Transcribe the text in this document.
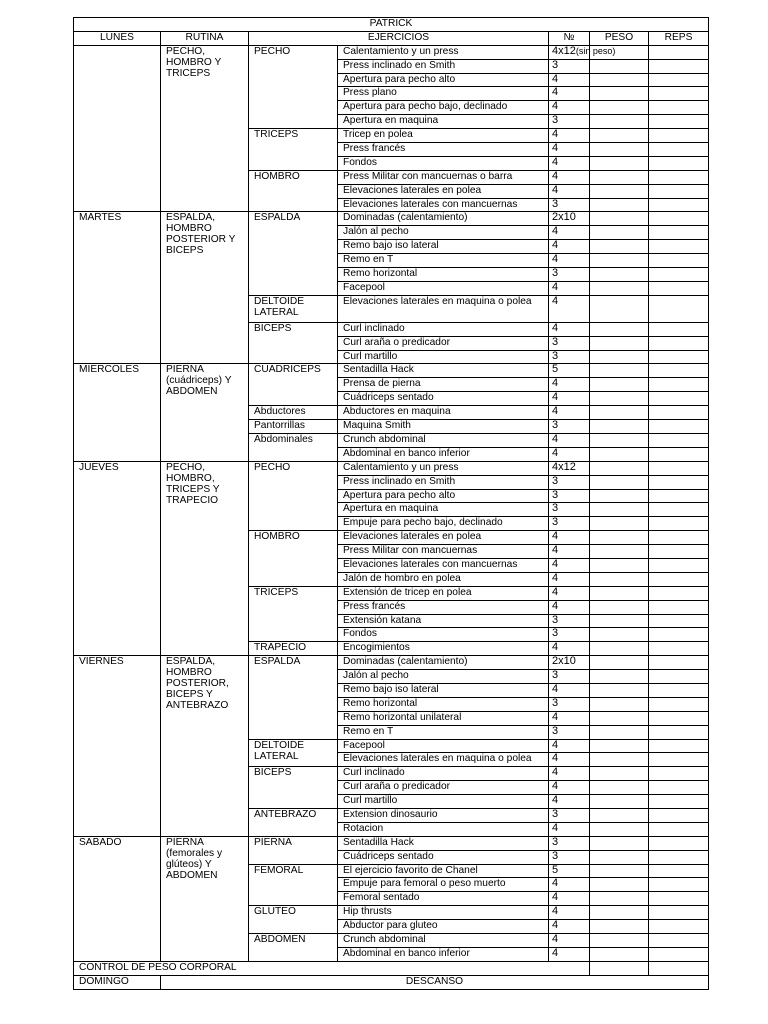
PATRICK						
LUNES	RUTINA	EJERCICIOS		№	PESO	REPS
	PECHO, HOMBRO Y TRICEPS	PECHO	Calentamiento y un press	4x12(sin peso)		
			Press inclinado en Smith	3		
			Apertura para pecho alto	4		
			Press plano	4		
			Apertura para pecho bajo, declinado	4		
			Apertura en maquina	3		
		TRICEPS	Tricep en polea	4		
			Press francés	4		
			Fondos	4		
		HOMBRO	Press Militar con mancuernas o barra	4		
			Elevaciones laterales en polea	4		
			Elevaciones laterales con mancuernas	3		
MARTES	ESPALDA, HOMBRO POSTERIOR Y BICEPS	ESPALDA	Dominadas (calentamiento)	2x10		
			Jalón al pecho	4		
			Remo bajo iso lateral	4		
			Remo en T	4		
			Remo horizontal	3		
			Facepool	4		
		DELTOIDE LATERAL	Elevaciones laterales en maquina o polea	4		
		BICEPS	Curl inclinado	4		
			Curl araña o predicador	3		
			Curl martillo	3		
MIERCOLES	PIERNA (cuádriceps) Y ABDOMEN	CUADRICEPS	Sentadilla Hack	5		
			Prensa de pierna	4		
			Cuádriceps sentado	4		
		Abductores	Abductores en maquina	4		
		Pantorrillas	Maquina Smith	3		
		Abdominales	Crunch abdominal	4		
			Abdominal en banco inferior	4		
JUEVES	PECHO, HOMBRO, TRICEPS Y TRAPECIO	PECHO	Calentamiento y un press	4x12		
			Press inclinado en Smith	3		
			Apertura para pecho alto	3		
			Apertura en maquina	3		
			Empuje para pecho bajo, declinado	3		
		HOMBRO	Elevaciones laterales en polea	4		
			Press Militar con mancuernas	4		
			Elevaciones laterales con mancuernas	4		
			Jalón de hombro en polea	4		
		TRICEPS	Extensión de tricep en polea	4		
			Press francés	4		
			Extensión katana	3		
			Fondos	3		
		TRAPECIO	Encogimientos	4		
VIERNES	ESPALDA, HOMBRO POSTERIOR, BICEPS Y ANTEBRAZO	ESPALDA	Dominadas (calentamiento)	2x10		
			Jalón al pecho	3		
			Remo bajo iso lateral	4		
			Remo horizontal	3		
			Remo horizontal unilateral	4		
			Remo en T	3		
		DELTOIDE LATERAL	Facepool	4		
			Elevaciones laterales en maquina o polea	4		
		BICEPS	Curl inclinado	4		
			Curl araña o predicador	4		
			Curl martillo	4		
		ANTEBRAZO	Extension dinosaurio	3		
			Rotacion	4		
SABADO	PIERNA (femorales y glúteos) Y ABDOMEN	PIERNA	Sentadilla Hack	3		
			Cuádriceps sentado	3		
		FEMORAL	El ejercicio favorito de Chanel	5		
			Empuje para femoral o peso muerto	4		
			Femoral sentado	4		
		GLUTEO	Hip thrusts	4		
			Abductor para gluteo	4		
		ABDOMEN	Crunch abdominal	4		
			Abdominal en banco inferior	4		
CONTROL DE PESO CORPORAL						
DOMINGO	DESCANSO					
